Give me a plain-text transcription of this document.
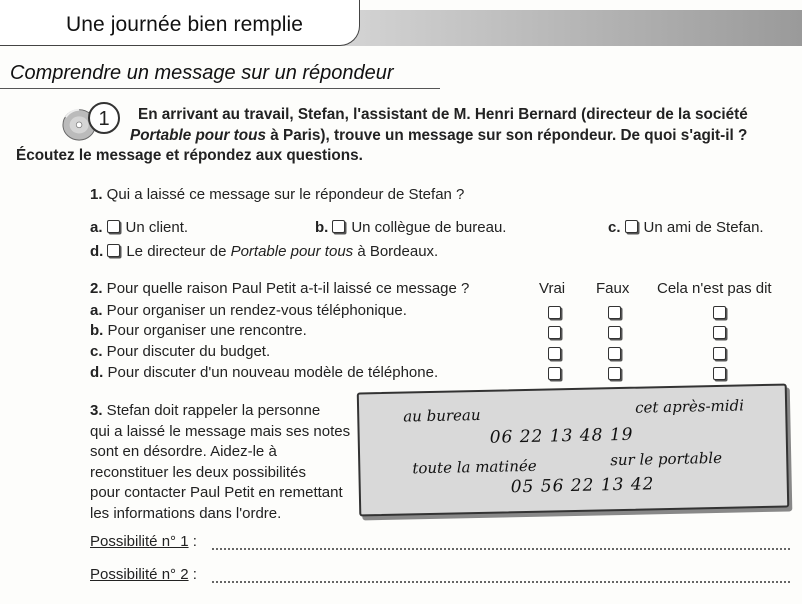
Une journée bien remplie
Comprendre un message sur un répondeur
1	En arrivant au travail, Stefan, l'assistant de M. Henri Bernard (directeur de la société
Portable pour tous à Paris), trouve un message sur son répondeur. De quoi s'agit-il ?
Écoutez le message et répondez aux questions.
1. Qui a laissé ce message sur le répondeur de Stefan ?
a. Un client.	b. Un collègue de bureau.	c. Un ami de Stefan.
d. Le directeur de Portable pour tous à Bordeaux.
2. Pour quelle raison Paul Petit a-t-il laissé ce message ?	Vrai Faux Cela n'est pas dit
a. Pour organiser un rendez-vous téléphonique.
b. Pour organiser une rencontre.
c. Pour discuter du budget.
d. Pour discuter d'un nouveau modèle de téléphone.
3. Stefan doit rappeler la personne
qui a laissé le message mais ses notes
sont en désordre. Aidez-le à
reconstituer les deux possibilités
pour contacter Paul Petit en remettant
les informations dans l'ordre.
au bureau	cet après-midi
06 22 13 48 19
toute la matinée	sur le portable
05 56 22 13 42
Possibilité n° 1 :
Possibilité n° 2 :
